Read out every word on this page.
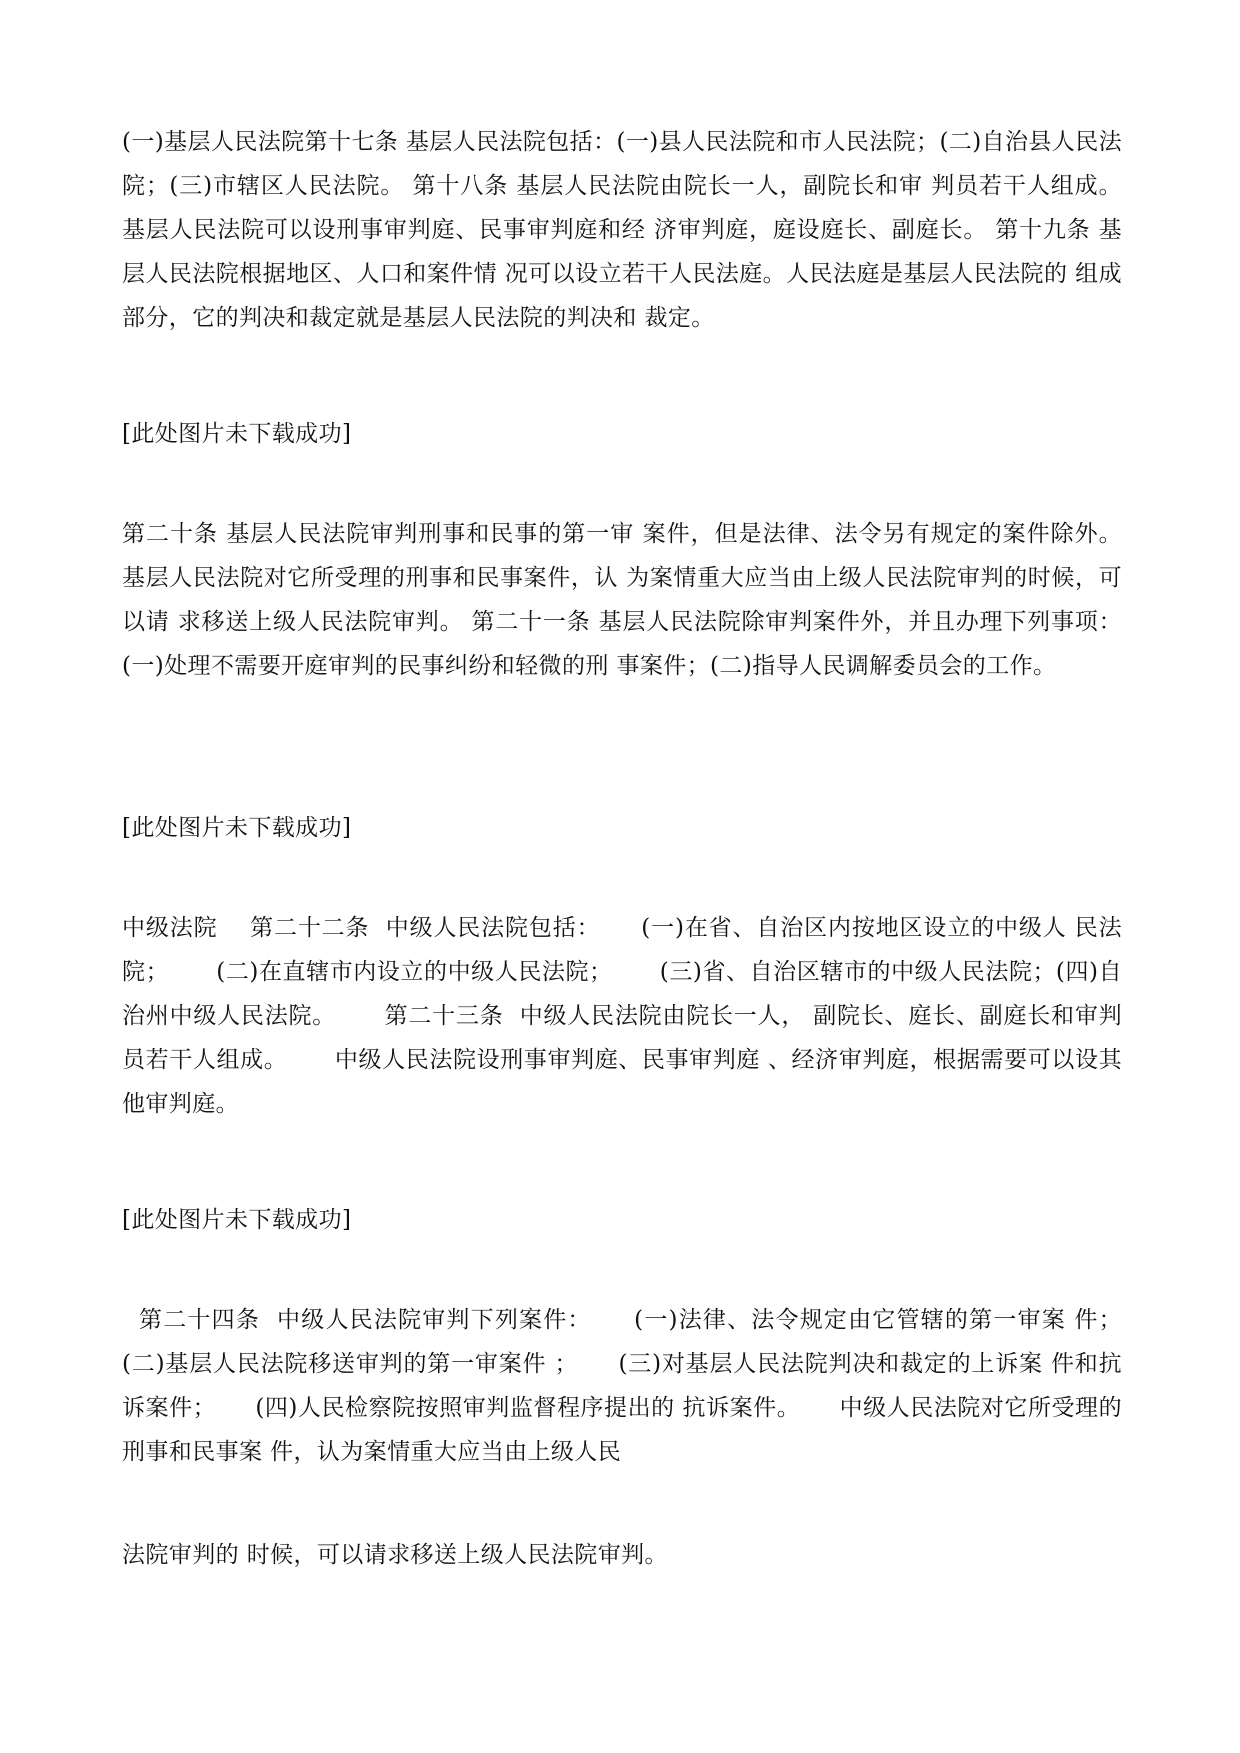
(一)基层人民法院第十七条 基层人民法院包括：(一)县人民法院和市人民法院；(二)自治县人民法院；(三)市辖区人民法院。 第十八条 基层人民法院由院长一人，副院长和审 判员若干人组成。 基层人民法院可以设刑事审判庭、民事审判庭和经 济审判庭，庭设庭长、副庭长。 第十九条 基层人民法院根据地区、人口和案件情 况可以设立若干人民法庭。人民法庭是基层人民法院的 组成部分，它的判决和裁定就是基层人民法院的判决和 裁定。

[此处图片未下载成功]

第二十条 基层人民法院审判刑事和民事的第一审 案件，但是法律、法令另有规定的案件除外。 基层人民法院对它所受理的刑事和民事案件，认 为案情重大应当由上级人民法院审判的时候，可以请 求移送上级人民法院审判。 第二十一条 基层人民法院除审判案件外，并且办理下列事项：(一)处理不需要开庭审判的民事纠纷和轻微的刑 事案件；(二)指导人民调解委员会的工作。

[此处图片未下载成功]

中级法院    第二十二条  中级人民法院包括：     (一)在省、自治区内按地区设立的中级人 民法院；      (二)在直辖市内设立的中级人民法院；      (三)省、自治区辖市的中级人民法院；(四)自治州中级人民法院。      第二十三条  中级人民法院由院长一人， 副院长、庭长、副庭长和审判员若干人组成。      中级人民法院设刑事审判庭、民事审判庭 、经济审判庭，根据需要可以设其他审判庭。

[此处图片未下载成功]

第二十四条  中级人民法院审判下列案件：     (一)法律、法令规定由它管辖的第一审案 件；(二)基层人民法院移送审判的第一审案件 ；     (三)对基层人民法院判决和裁定的上诉案 件和抗诉案件；     (四)人民检察院按照审判监督程序提出的 抗诉案件。     中级人民法院对它所受理的刑事和民事案 件，认为案情重大应当由上级人民

法院审判的 时候，可以请求移送上级人民法院审判。
